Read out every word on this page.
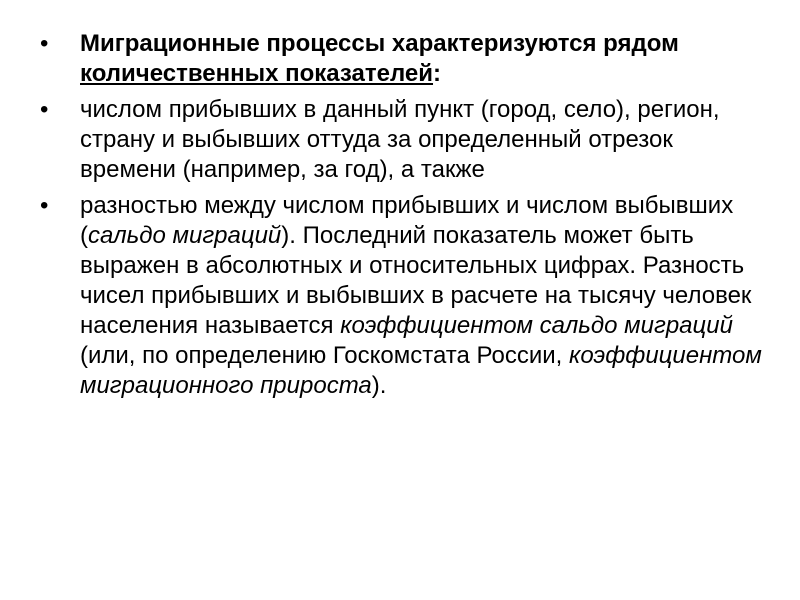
•	Миграционные процессы характеризуются рядом количественных показателей:
•	числом прибывших в данный пункт (город, село), регион, страну и выбывших оттуда за определенный отрезок времени (например, за год), а также
•	разностью между числом прибывших и числом выбывших (сальдо миграций). Последний показатель может быть выражен в абсолютных и относительных цифрах. Разность чисел прибывших и выбывших в расчете на тысячу человек населения называется коэффициентом сальдо миграций (или, по определению Госкомстата России, коэффициентом миграционного прироста).
